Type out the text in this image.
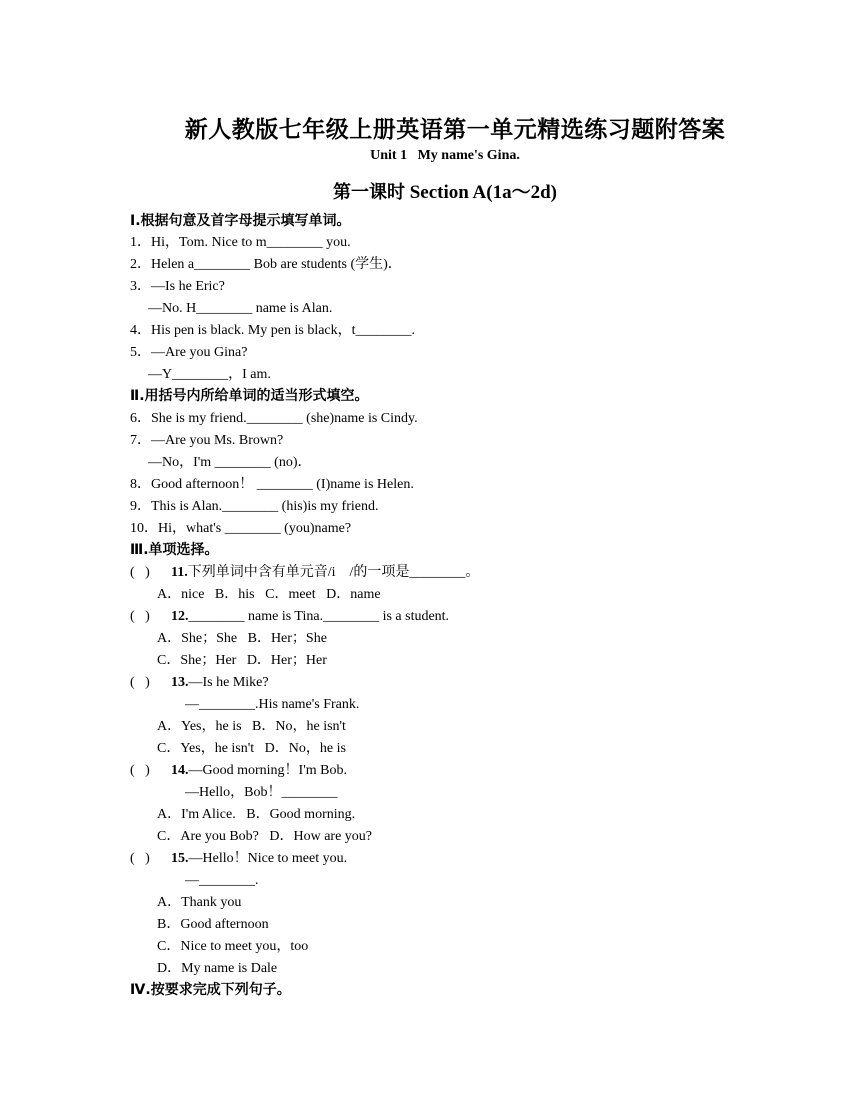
新人教版七年级上册英语第一单元精选练习题附答案
Unit 1   My name's Gina.
第一课时 Section A(1a～2d)
Ⅰ.根据句意及首字母提示填写单词。
1．Hi，Tom. Nice to m________ you.
2．Helen a________ Bob are students (学生)．
3．—Is he Eric?
—No. H________ name is Alan.
4．His pen is black. My pen is black，t________.
5．—Are you Gina?
—Y________，I am.
Ⅱ.用括号内所给单词的适当形式填空。
6．She is my friend.________ (she)name is Cindy.
7．—Are you Ms. Brown?
—No，I'm ________ (no)．
8．Good afternoon！ ________ (I)name is Helen.
9．This is Alan.________ (his)is my friend.
10．Hi，what's ________ (you)name?
Ⅲ.单项选择。
(   ) 11.下列单词中含有单元音/i    /的一项是________。
A．nice   B．his   C．meet   D．name
(   ) 12.________ name is Tina.________ is a student.
A．She；She   B．Her；She
C．She；Her   D．Her；Her
(   ) 13.—Is he Mike?
—________.His name's Frank.
A．Yes，he is   B．No，he isn't
C．Yes，he isn't   D．No，he is
(   ) 14.—Good morning！I'm Bob.
—Hello，Bob！________
A．I'm Alice.   B．Good morning.
C．Are you Bob?   D．How are you?
(   ) 15.—Hello！Nice to meet you.
—________.
A．Thank you
B．Good afternoon
C．Nice to meet you，too
D．My name is Dale
Ⅳ.按要求完成下列句子。
